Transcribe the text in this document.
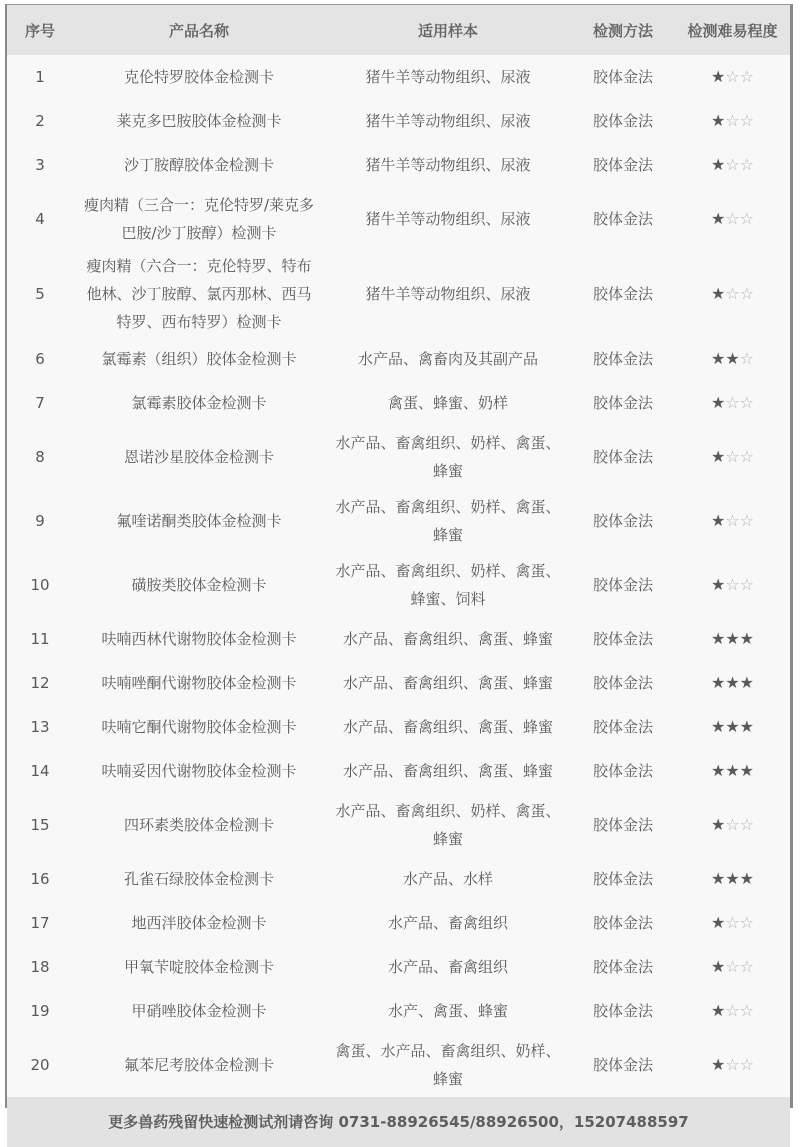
序号	产品名称	适用样本	检测方法	检测难易程度
1	克伦特罗胶体金检测卡	猪牛羊等动物组织、尿液	胶体金法	★☆☆
2	莱克多巴胺胶体金检测卡	猪牛羊等动物组织、尿液	胶体金法	★☆☆
3	沙丁胺醇胶体金检测卡	猪牛羊等动物组织、尿液	胶体金法	★☆☆
4	瘦肉精（三合一：克伦特罗/莱克多巴胺/沙丁胺醇）检测卡	猪牛羊等动物组织、尿液	胶体金法	★☆☆
5	瘦肉精（六合一：克伦特罗、特布他林、沙丁胺醇、氯丙那林、西马特罗、西布特罗）检测卡	猪牛羊等动物组织、尿液	胶体金法	★☆☆
6	氯霉素（组织）胶体金检测卡	水产品、禽畜肉及其副产品	胶体金法	★★☆
7	氯霉素胶体金检测卡	禽蛋、蜂蜜、奶样	胶体金法	★☆☆
8	恩诺沙星胶体金检测卡	水产品、畜禽组织、奶样、禽蛋、蜂蜜	胶体金法	★☆☆
9	氟喹诺酮类胶体金检测卡	水产品、畜禽组织、奶样、禽蛋、蜂蜜	胶体金法	★☆☆
10	磺胺类胶体金检测卡	水产品、畜禽组织、奶样、禽蛋、蜂蜜、饲料	胶体金法	★☆☆
11	呋喃西林代谢物胶体金检测卡	水产品、畜禽组织、禽蛋、蜂蜜	胶体金法	★★★
12	呋喃唑酮代谢物胶体金检测卡	水产品、畜禽组织、禽蛋、蜂蜜	胶体金法	★★★
13	呋喃它酮代谢物胶体金检测卡	水产品、畜禽组织、禽蛋、蜂蜜	胶体金法	★★★
14	呋喃妥因代谢物胶体金检测卡	水产品、畜禽组织、禽蛋、蜂蜜	胶体金法	★★★
15	四环素类胶体金检测卡	水产品、畜禽组织、奶样、禽蛋、蜂蜜	胶体金法	★☆☆
16	孔雀石绿胶体金检测卡	水产品、水样	胶体金法	★★★
17	地西泮胶体金检测卡	水产品、畜禽组织	胶体金法	★☆☆
18	甲氧苄啶胶体金检测卡	水产品、畜禽组织	胶体金法	★☆☆
19	甲硝唑胶体金检测卡	水产、禽蛋、蜂蜜	胶体金法	★☆☆
20	氟苯尼考胶体金检测卡	禽蛋、水产品、畜禽组织、奶样、蜂蜜	胶体金法	★☆☆
更多兽药残留快速检测试剂请咨询 0731-88926545/88926500，15207488597				
